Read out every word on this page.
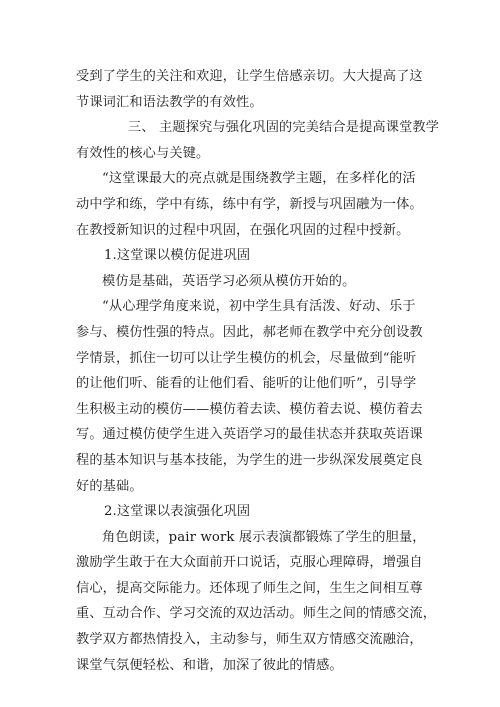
受到了学生的关注和欢迎，让学生倍感亲切。大大提高了这
节课词汇和语法教学的有效性。
三、 主题探究与强化巩固的完美结合是提高课堂教学
有效性的核心与关键。
“这堂课最大的亮点就是围绕教学主题，在多样化的活
动中学和练，学中有练，练中有学，新授与巩固融为一体。
在教授新知识的过程中巩固，在强化巩固的过程中授新。
1.这堂课以模仿促进巩固
模仿是基础，英语学习必须从模仿开始的。
“从心理学角度来说，初中学生具有活泼、好动、乐于
参与、模仿性强的特点。因此，郝老师在教学中充分创设教
学情景，抓住一切可以让学生模仿的机会，尽量做到“能听
的让他们听、能看的让他们看、能听的让他们听”，引导学
生积极主动的模仿——模仿着去读、模仿着去说、模仿着去
写。通过模仿使学生进入英语学习的最佳状态并获取英语课
程的基本知识与基本技能，为学生的进一步纵深发展奠定良
好的基础。
2.这堂课以表演强化巩固
角色朗读，pair work 展示表演都锻炼了学生的胆量，
激励学生敢于在大众面前开口说话，克服心理障碍，增强自
信心，提高交际能力。还体现了师生之间，生生之间相互尊
重、互动合作、学习交流的双边活动。师生之间的情感交流，
教学双方都热情投入，主动参与，师生双方情感交流融洽，
课堂气氛便轻松、和谐，加深了彼此的情感。
